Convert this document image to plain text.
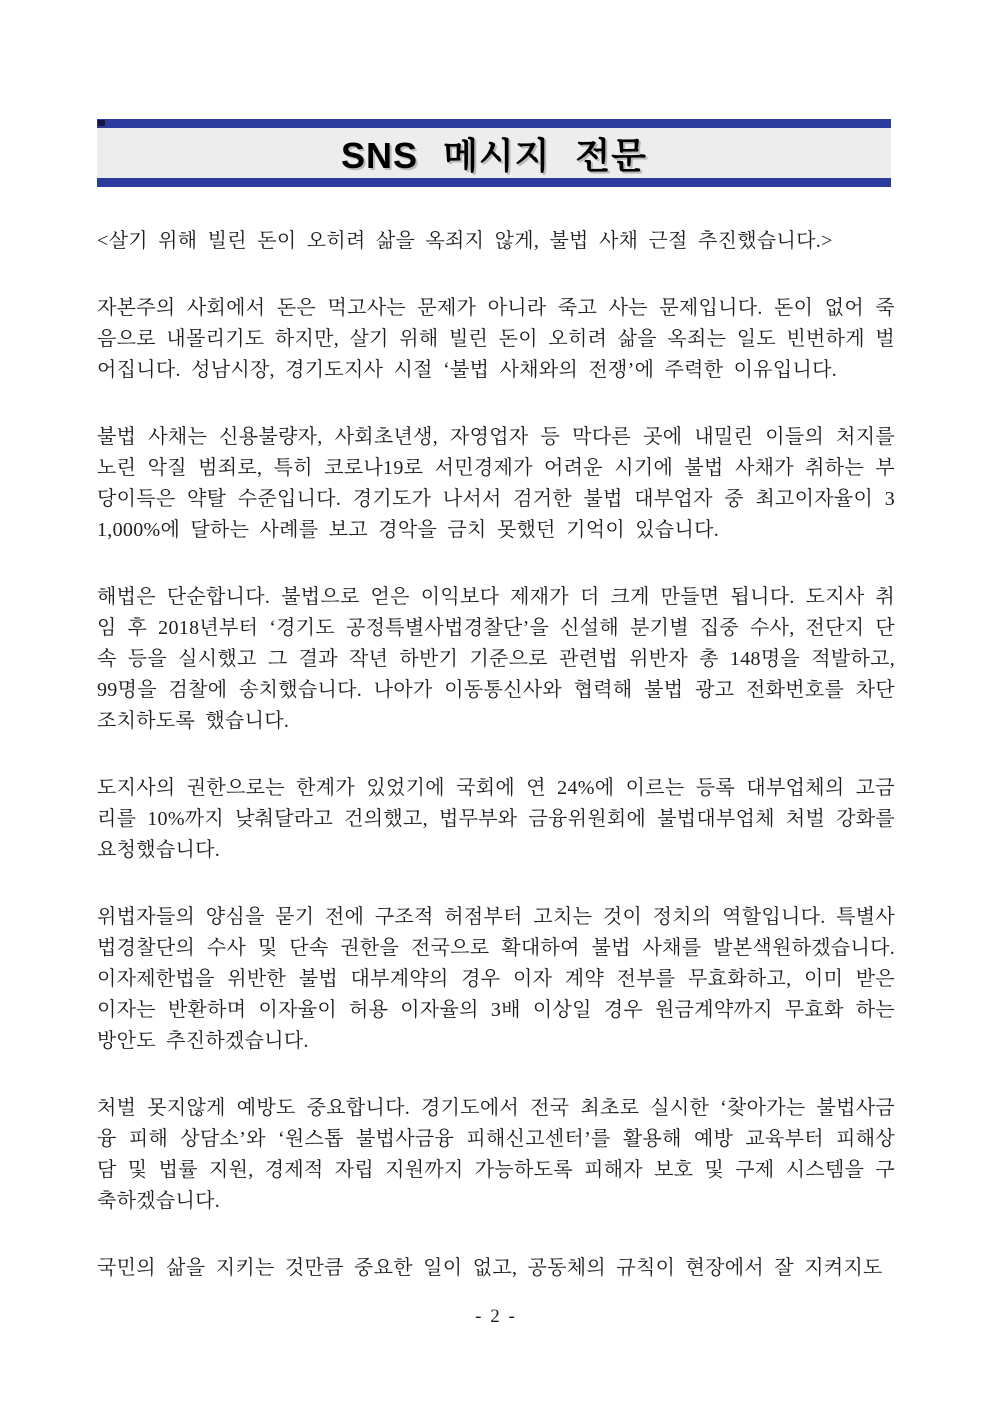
SNS 메시지 전문

<살기 위해 빌린 돈이 오히려 삶을 옥죄지 않게, 불법 사채 근절 추진했습니다.>

자본주의 사회에서 돈은 먹고사는 문제가 아니라 죽고 사는 문제입니다. 돈이 없어 죽음으로 내몰리기도 하지만, 살기 위해 빌린 돈이 오히려 삶을 옥죄는 일도 빈번하게 벌어집니다. 성남시장, 경기도지사 시절 ‘불법 사채와의 전쟁’에 주력한 이유입니다.

불법 사채는 신용불량자, 사회초년생, 자영업자 등 막다른 곳에 내밀린 이들의 처지를 노린 악질 범죄로, 특히 코로나19로 서민경제가 어려운 시기에 불법 사채가 취하는 부당이득은 약탈 수준입니다. 경기도가 나서서 검거한 불법 대부업자 중 최고이자율이 31,000%에 달하는 사례를 보고 경악을 금치 못했던 기억이 있습니다.

해법은 단순합니다. 불법으로 얻은 이익보다 제재가 더 크게 만들면 됩니다. 도지사 취임 후 2018년부터 ‘경기도 공정특별사법경찰단’을 신설해 분기별 집중 수사, 전단지 단속 등을 실시했고 그 결과 작년 하반기 기준으로 관련법 위반자 총 148명을 적발하고, 99명을 검찰에 송치했습니다. 나아가 이동통신사와 협력해 불법 광고 전화번호를 차단 조치하도록 했습니다.

도지사의 권한으로는 한계가 있었기에 국회에 연 24%에 이르는 등록 대부업체의 고금리를 10%까지 낮춰달라고 건의했고, 법무부와 금융위원회에 불법대부업체 처벌 강화를 요청했습니다.

위법자들의 양심을 묻기 전에 구조적 허점부터 고치는 것이 정치의 역할입니다. 특별사법경찰단의 수사 및 단속 권한을 전국으로 확대하여 불법 사채를 발본색원하겠습니다. 이자제한법을 위반한 불법 대부계약의 경우 이자 계약 전부를 무효화하고, 이미 받은 이자는 반환하며 이자율이 허용 이자율의 3배 이상일 경우 원금계약까지 무효화 하는 방안도 추진하겠습니다.

처벌 못지않게 예방도 중요합니다. 경기도에서 전국 최초로 실시한 ‘찾아가는 불법사금융 피해 상담소’와 ‘원스톱 불법사금융 피해신고센터’를 활용해 예방 교육부터 피해상담 및 법률 지원, 경제적 자립 지원까지 가능하도록 피해자 보호 및 구제 시스템을 구축하겠습니다.

국민의 삶을 지키는 것만큼 중요한 일이 없고, 공동체의 규칙이 현장에서 잘 지켜지도

- 2 -
